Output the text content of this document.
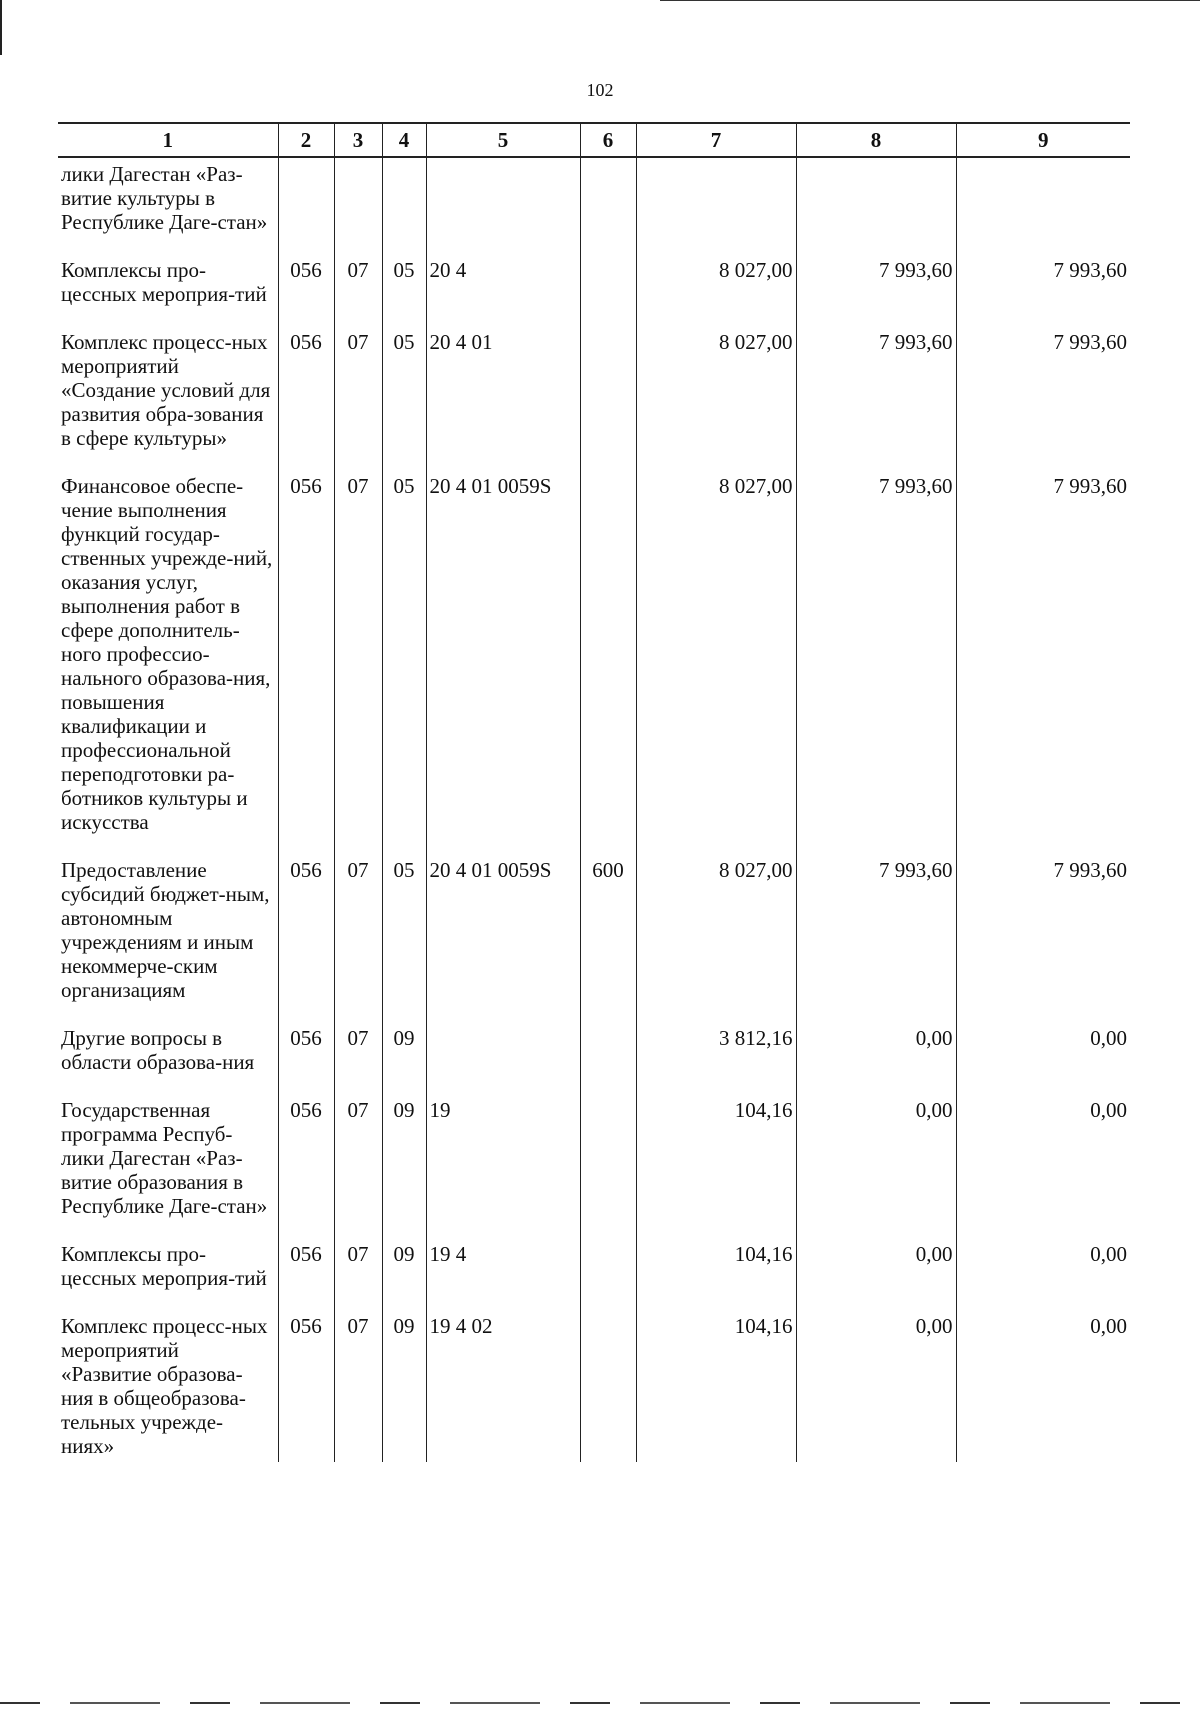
102
1	2	3	4	5	6	7	8	9
лики Дагестан «Раз-витие культуры в Республике Даге-стан»								
Комплексы про-цессных мероприя-тий	056	07	05	20 4		8 027,00	7 993,60	7 993,60
Комплекс процесс-ных мероприятий «Создание условий для развития обра-зования в сфере культуры»	056	07	05	20 4 01		8 027,00	7 993,60	7 993,60
Финансовое обеспе-чение выполнения функций государ-ственных учрежде-ний, оказания услуг, выполнения работ в сфере дополнитель-ного профессио-нального образова-ния, повышения квалификации и профессиональной переподготовки ра-ботников культуры и искусства	056	07	05	20 4 01 0059S		8 027,00	7 993,60	7 993,60
Предоставление субсидий бюджет-ным, автономным учреждениям и иным некоммерче-ским организациям	056	07	05	20 4 01 0059S	600	8 027,00	7 993,60	7 993,60
Другие вопросы в области образова-ния	056	07	09			3 812,16	0,00	0,00
Государственная программа Респуб-лики Дагестан «Раз-витие образования в Республике Даге-стан»	056	07	09	19		104,16	0,00	0,00
Комплексы про-цессных мероприя-тий	056	07	09	19 4		104,16	0,00	0,00
Комплекс процесс-ных мероприятий «Развитие образова-ния в общеобразова-тельных учрежде-ниях»	056	07	09	19 4 02		104,16	0,00	0,00
